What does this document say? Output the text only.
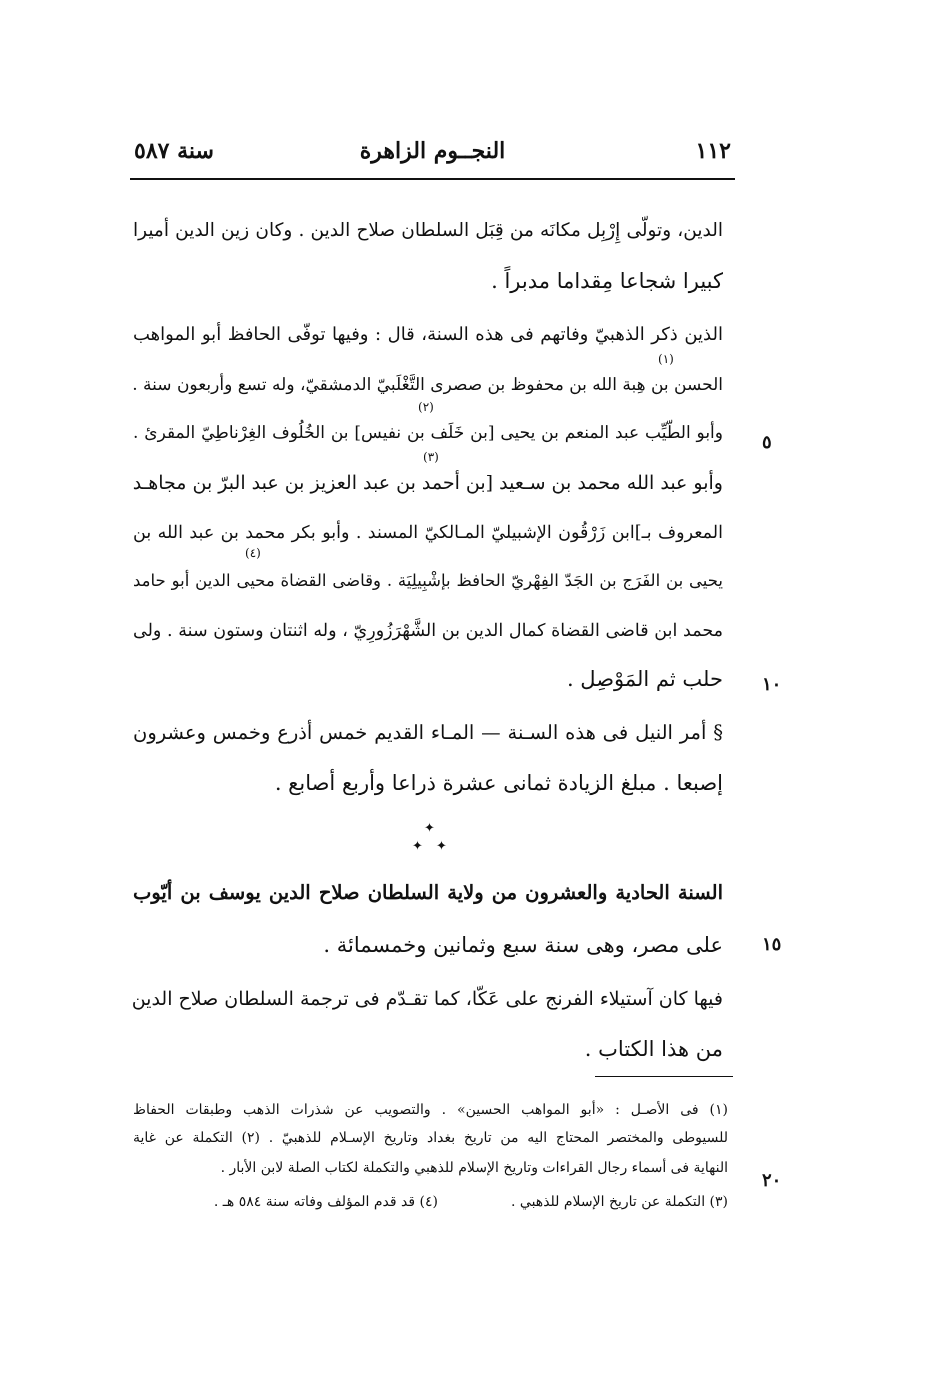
١١٢
النجــوم الزاهرة
سنة ٥٨٧
الدين، وتولّى إِرْبِل مكانَه من قِبَل السلطان صلاح الدين . وكان زين الدين أميرا
كبيرا شجاعا مِقداما مدبراً .
الذين ذكر الذهبيّ وفاتهم فى هذه السنة، قال : وفيها توفّى الحافظ أبو المواهب
(١)
الحسن بن هِبة الله بن محفوظ بن صصرى التَّغْلَبيّ الدمشقيّ، وله تسع وأربعون سنة .
(٢)
وأبو الطّيِّب عبد المنعم بن يحيى [بن خَلَف بن نفيس] بن الخُلُوف الغِرْناطِيّ المقرئ . ٥
(٣)
وأبو عبد الله محمد بن سـعيد [بن أحمد بن عبد العزيز بن عبد البرّ بن مجاهـد
المعروف بـ]ابن زَرْقُون الإشبيليّ المـالكيّ المسند . وأبو بكر محمد بن عبد الله بن
(٤)
يحيى بن الفَرَج بن الجَدّ الفِهْريّ الحافظ بإشْبِيلِيَة . وقاضى القضاة محيى الدين أبو حامد
محمد ابن قاضى القضاة كمال الدين بن الشَّهْرَزُورِيّ ، وله اثنتان وستون سنة . ولى
حلب ثم المَوْصِل . ١٠
§ أمر النيل فى هذه السـنة — المـاء القديم خمس أذرع وخمس وعشرون
إصبعا . مبلغ الزيادة ثمانى عشرة ذراعا وأربع أصابع .
✦
✦ ✦
السنة الحادية والعشرون من ولاية السلطان صلاح الدين يوسف بن أيّوب
على مصر، وهى سنة سبع وثمانين وخمسمائة . ١٥
فيها كان آستيلاء الفرنج على عَكّا، كما تقـدّم فى ترجمة السلطان صلاح الدين
من هذا الكتاب .
(١) فى الأصـل : «أبو المواهب الحسين» . والتصويب عن شذرات الذهب وطبقات الحفاظ
للسيوطى والمختصر المحتاج اليه من تاريخ بغداد وتاريخ الإسـلام للذهبيّ . (٢) التكملة عن غاية
النهاية فى أسماء رجال القراءات وتاريخ الإسلام للذهبي والتكملة لكتاب الصلة لابن الأبار .
٢٠
(٣) التكملة عن تاريخ الإسلام للذهبي .
(٤) قد قدم المؤلف وفاته سنة ٥٨٤ هـ .
